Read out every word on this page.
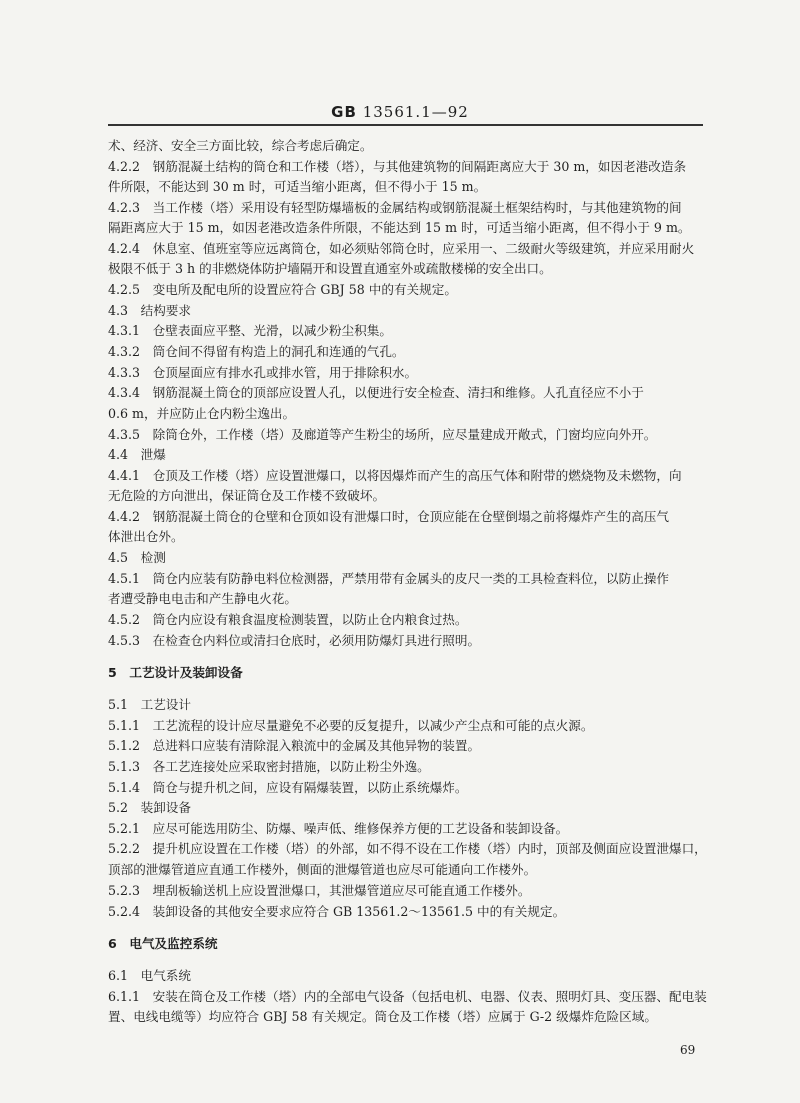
GB 13561.1—92
术、经济、安全三方面比较，综合考虑后确定。
4.2.2　钢筋混凝土结构的筒仓和工作楼（塔），与其他建筑物的间隔距离应大于 30 m，如因老港改造条
件所限，不能达到 30 m 时，可适当缩小距离，但不得小于 15 m。
4.2.3　当工作楼（塔）采用设有轻型防爆墙板的金属结构或钢筋混凝土框架结构时，与其他建筑物的间
隔距离应大于 15 m，如因老港改造条件所限，不能达到 15 m 时，可适当缩小距离，但不得小于 9 m。
4.2.4　休息室、值班室等应远离筒仓，如必须贴邻筒仓时，应采用一、二级耐火等级建筑，并应采用耐火
极限不低于 3 h 的非燃烧体防护墙隔开和设置直通室外或疏散楼梯的安全出口。
4.2.5　变电所及配电所的设置应符合 GBJ 58 中的有关规定。
4.3　结构要求
4.3.1　仓壁表面应平整、光滑，以减少粉尘积集。
4.3.2　筒仓间不得留有构造上的洞孔和连通的气孔。
4.3.3　仓顶屋面应有排水孔或排水管，用于排除积水。
4.3.4　钢筋混凝土筒仓的顶部应设置人孔，以便进行安全检查、清扫和维修。人孔直径应不小于
0.6 m，并应防止仓内粉尘逸出。
4.3.5　除筒仓外，工作楼（塔）及廊道等产生粉尘的场所，应尽量建成开敞式，门窗均应向外开。
4.4　泄爆
4.4.1　仓顶及工作楼（塔）应设置泄爆口，以将因爆炸而产生的高压气体和附带的燃烧物及未燃物，向
无危险的方向泄出，保证筒仓及工作楼不致破坏。
4.4.2　钢筋混凝土筒仓的仓壁和仓顶如设有泄爆口时，仓顶应能在仓壁倒塌之前将爆炸产生的高压气
体泄出仓外。
4.5　检测
4.5.1　筒仓内应装有防静电料位检测器，严禁用带有金属头的皮尺一类的工具检查料位，以防止操作
者遭受静电电击和产生静电火花。
4.5.2　筒仓内应设有粮食温度检测装置，以防止仓内粮食过热。
4.5.3　在检查仓内料位或清扫仓底时，必须用防爆灯具进行照明。
5　工艺设计及装卸设备
5.1　工艺设计
5.1.1　工艺流程的设计应尽量避免不必要的反复提升，以减少产尘点和可能的点火源。
5.1.2　总进料口应装有清除混入粮流中的金属及其他异物的装置。
5.1.3　各工艺连接处应采取密封措施，以防止粉尘外逸。
5.1.4　筒仓与提升机之间，应设有隔爆装置，以防止系统爆炸。
5.2　装卸设备
5.2.1　应尽可能选用防尘、防爆、噪声低、维修保养方便的工艺设备和装卸设备。
5.2.2　提升机应设置在工作楼（塔）的外部，如不得不设在工作楼（塔）内时，顶部及侧面应设置泄爆口，
顶部的泄爆管道应直通工作楼外，侧面的泄爆管道也应尽可能通向工作楼外。
5.2.3　埋刮板输送机上应设置泄爆口，其泄爆管道应尽可能直通工作楼外。
5.2.4　装卸设备的其他安全要求应符合 GB 13561.2～13561.5 中的有关规定。
6　电气及监控系统
6.1　电气系统
6.1.1　安装在筒仓及工作楼（塔）内的全部电气设备（包括电机、电器、仪表、照明灯具、变压器、配电装
置、电线电缆等）均应符合 GBJ 58 有关规定。筒仓及工作楼（塔）应属于 G-2 级爆炸危险区域。
69
